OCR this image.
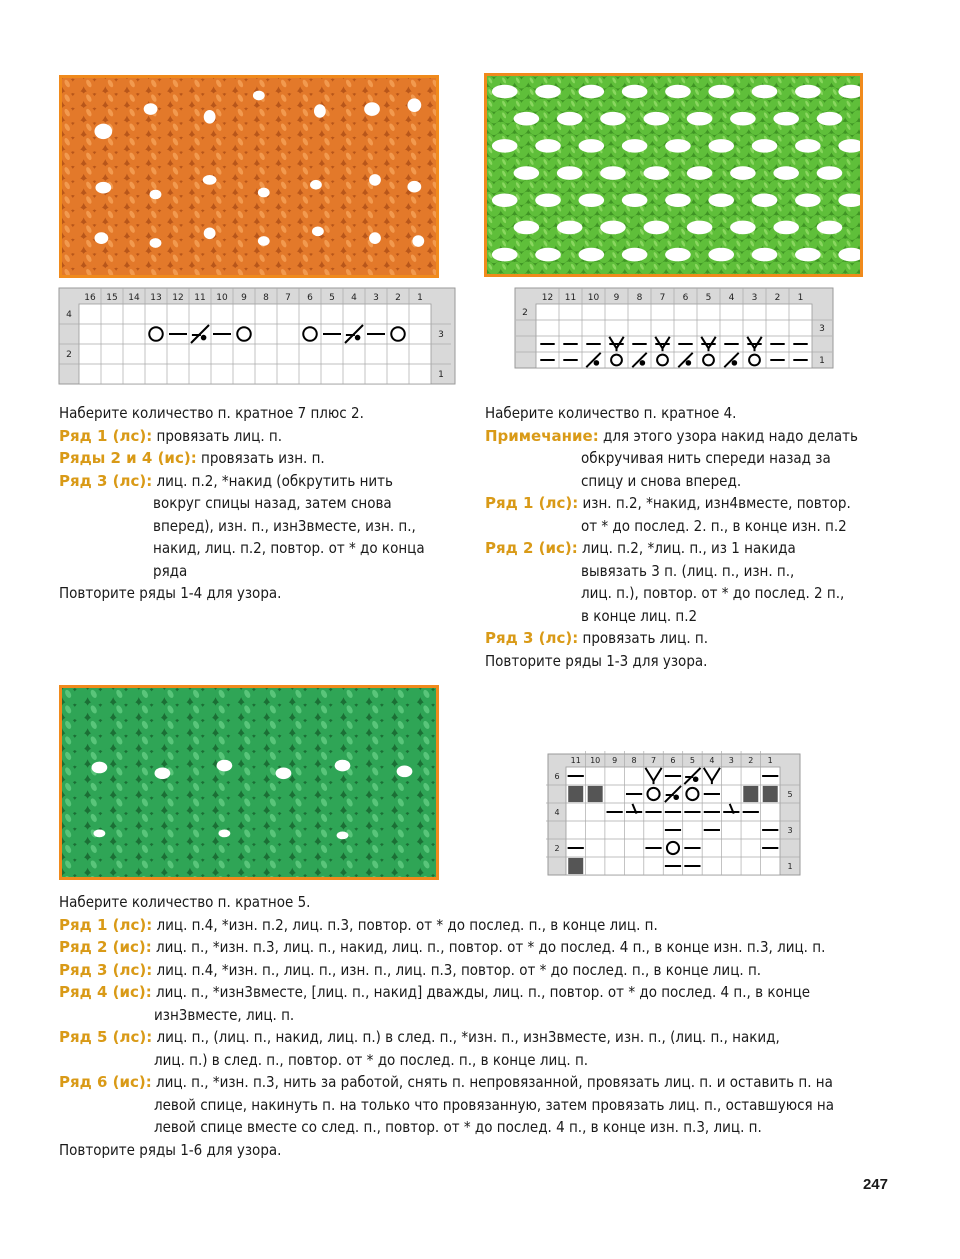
16 15 14 13 12 11 10 9 8 7 6 5 4 3 2 1
4
2
3
1
12 11 10 9 8 7 6 5 4 3 2 1
2
3
1
11 10 9 8 7 6 5 4 3 2 1
6
4
2
5
3
1
Наберите количество п. кратное 7 плюс 2.
Ряд 1 (лс): провязать лиц. п.
Ряды 2 и 4 (ис): провязать изн. п.
Ряд 3 (лс): лиц. п.2, *накид (обкрутить нить
вокруг спицы назад, затем снова
вперед), изн. п., изн3вместе, изн. п.,
накид, лиц. п.2, повтор. от * до конца
ряда
Повторите ряды 1-4 для узора.
Наберите количество п. кратное 4.
Примечание: для этого узора накид надо делать
обкручивая нить спереди назад за
спицу и снова вперед.
Ряд 1 (лс): изн. п.2, *накид, изн4вместе, повтор.
от * до послед. 2. п., в конце изн. п.2
Ряд 2 (ис): лиц. п.2, *лиц. п., из 1 накида
вывязать 3 п. (лиц. п., изн. п.,
лиц. п.), повтор. от * до послед. 2 п.,
в конце лиц. п.2
Ряд 3 (лс): провязать лиц. п.
Повторите ряды 1-3 для узора.
Наберите количество п. кратное 5.
Ряд 1 (лс): лиц. п.4, *изн. п.2, лиц. п.3, повтор. от * до послед. п., в конце лиц. п.
Ряд 2 (ис): лиц. п., *изн. п.3, лиц. п., накид, лиц. п., повтор. от * до послед. 4 п., в конце изн. п.3, лиц. п.
Ряд 3 (лс): лиц. п.4, *изн. п., лиц. п., изн. п., лиц. п.3, повтор. от * до послед. п., в конце лиц. п.
Ряд 4 (ис): лиц. п., *изн3вместе, [лиц. п., накид] дважды, лиц. п., повтор. от * до послед. 4 п., в конце
изн3вместе, лиц. п.
Ряд 5 (лс): лиц. п., (лиц. п., накид, лиц. п.) в след. п., *изн. п., изн3вместе, изн. п., (лиц. п., накид,
лиц. п.) в след. п., повтор. от * до послед. п., в конце лиц. п.
Ряд 6 (ис): лиц. п., *изн. п.3, нить за работой, снять п. непровязанной, провязать лиц. п. и оставить п. на
левой спице, накинуть п. на только что провязанную, затем провязать лиц. п., оставшуюся на
левой спице вместе со след. п., повтор. от * до послед. 4 п., в конце изн. п.3, лиц. п.
Повторите ряды 1-6 для узора.
247
